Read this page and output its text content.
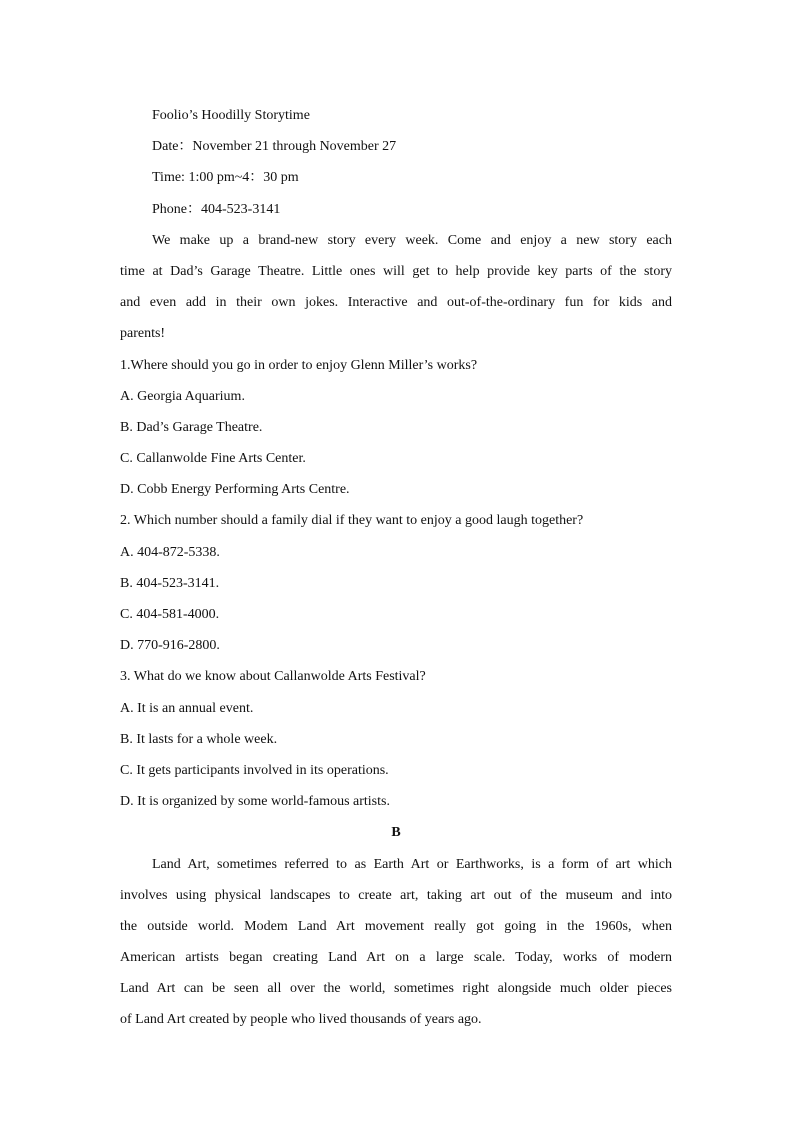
Foolio’s Hoodilly Storytime
Date：November 21 through November 27
Time: 1:00 pm~4：30 pm
Phone：404-523-3141
We make up a brand-new story every week. Come and enjoy a new story each
time at Dad’s Garage Theatre. Little ones will get to help provide key parts of the story
and even add in their own jokes. Interactive and out-of-the-ordinary fun for kids and
parents!
1.Where should you go in order to enjoy Glenn Miller’s works?
A. Georgia Aquarium.
B. Dad’s Garage Theatre.
C. Callanwolde Fine Arts Center.
D. Cobb Energy Performing Arts Centre.
2. Which number should a family dial if they want to enjoy a good laugh together?
A. 404-872-5338.
B. 404-523-3141.
C. 404-581-4000.
D. 770-916-2800.
3. What do we know about Callanwolde Arts Festival?
A. It is an annual event.
B. It lasts for a whole week.
C. It gets participants involved in its operations.
D. It is organized by some world-famous artists.
B
Land Art, sometimes referred to as Earth Art or Earthworks, is a form of art which
involves using physical landscapes to create art, taking art out of the museum and into
the outside world. Modem Land Art movement really got going in the 1960s, when
American artists began creating Land Art on a large scale. Today, works of modern
Land Art can be seen all over the world, sometimes right alongside much older pieces
of Land Art created by people who lived thousands of years ago.
